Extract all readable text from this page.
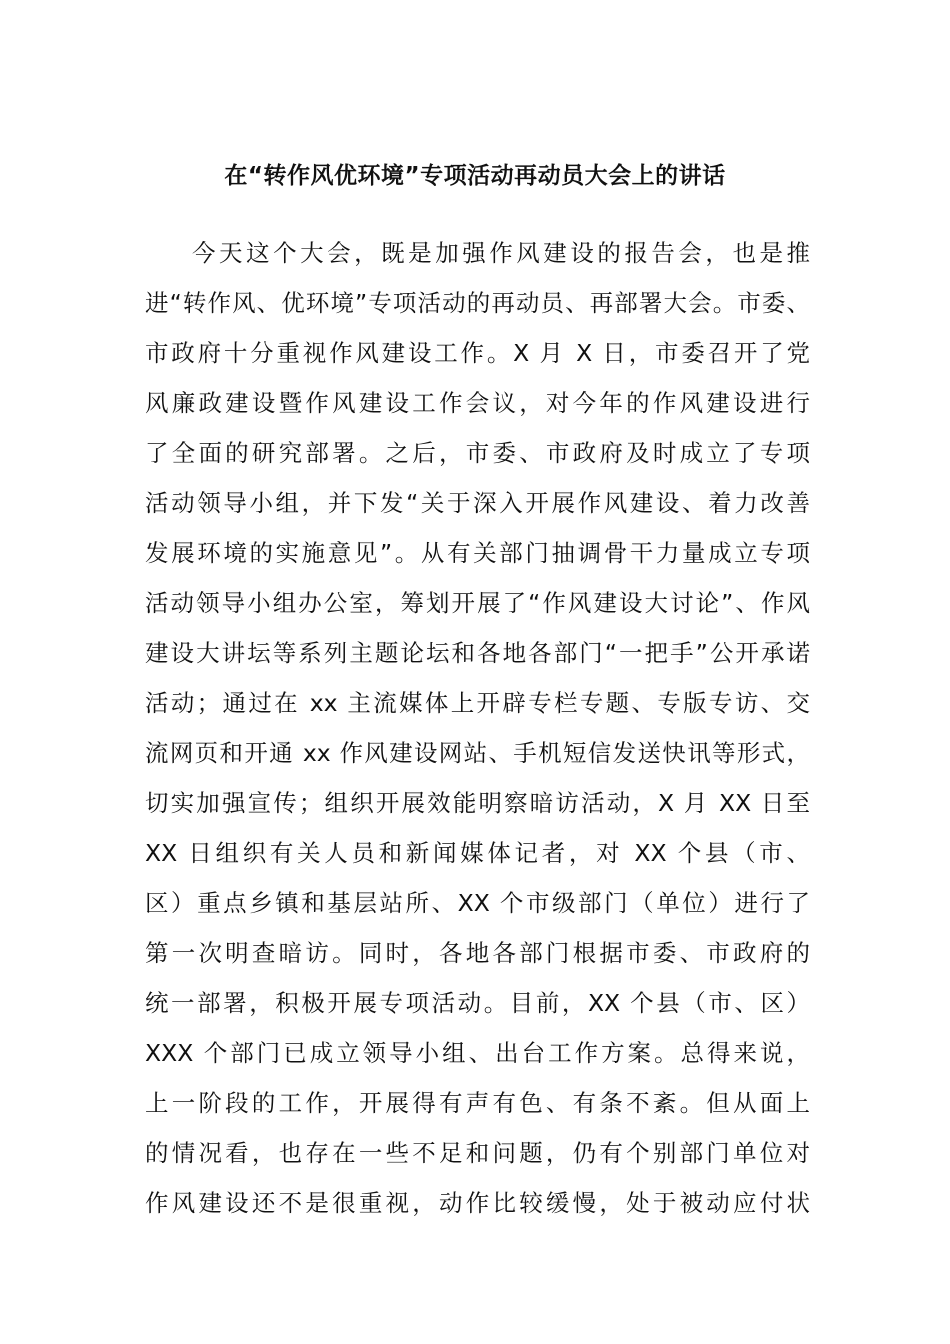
在“转作风优环境”专项活动再动员大会上的讲话
今天这个大会，既是加强作风建设的报告会，也是推
进“转作风、优环境”专项活动的再动员、再部署大会。市委、
市政府十分重视作风建设工作。X 月 X 日，市委召开了党
风廉政建设暨作风建设工作会议，对今年的作风建设进行
了全面的研究部署。之后，市委、市政府及时成立了专项
活动领导小组，并下发“关于深入开展作风建设、着力改善
发展环境的实施意见”。从有关部门抽调骨干力量成立专项
活动领导小组办公室，筹划开展了“作风建设大讨论”、作风
建设大讲坛等系列主题论坛和各地各部门“一把手”公开承诺
活动；通过在 xx 主流媒体上开辟专栏专题、专版专访、交
流网页和开通 xx 作风建设网站、手机短信发送快讯等形式，
切实加强宣传；组织开展效能明察暗访活动，X 月 XX 日至
XX 日组织有关人员和新闻媒体记者，对 XX 个县（市、
区）重点乡镇和基层站所、XX 个市级部门（单位）进行了
第一次明查暗访。同时，各地各部门根据市委、市政府的
统一部署，积极开展专项活动。目前，XX 个县（市、区）
XXX 个部门已成立领导小组、出台工作方案。总得来说，
上一阶段的工作，开展得有声有色、有条不紊。但从面上
的情况看，也存在一些不足和问题，仍有个别部门单位对
作风建设还不是很重视，动作比较缓慢，处于被动应付状
